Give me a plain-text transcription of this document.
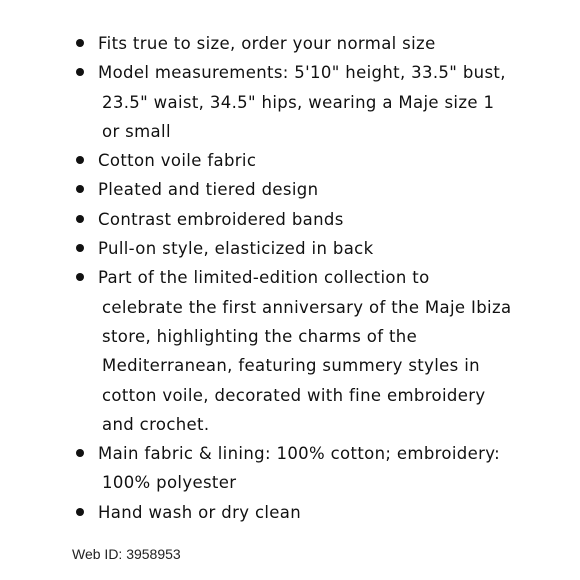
Fits true to size, order your normal size
Model measurements: 5'10" height, 33.5" bust,
23.5" waist, 34.5" hips, wearing a Maje size 1
or small
Cotton voile fabric
Pleated and tiered design
Contrast embroidered bands
Pull-on style, elasticized in back
Part of the limited-edition collection to
celebrate the first anniversary of the Maje Ibiza
store, highlighting the charms of the
Mediterranean, featuring summery styles in
cotton voile, decorated with fine embroidery
and crochet.
Main fabric & lining: 100% cotton; embroidery:
100% polyester
Hand wash or dry clean

Web ID: 3958953
